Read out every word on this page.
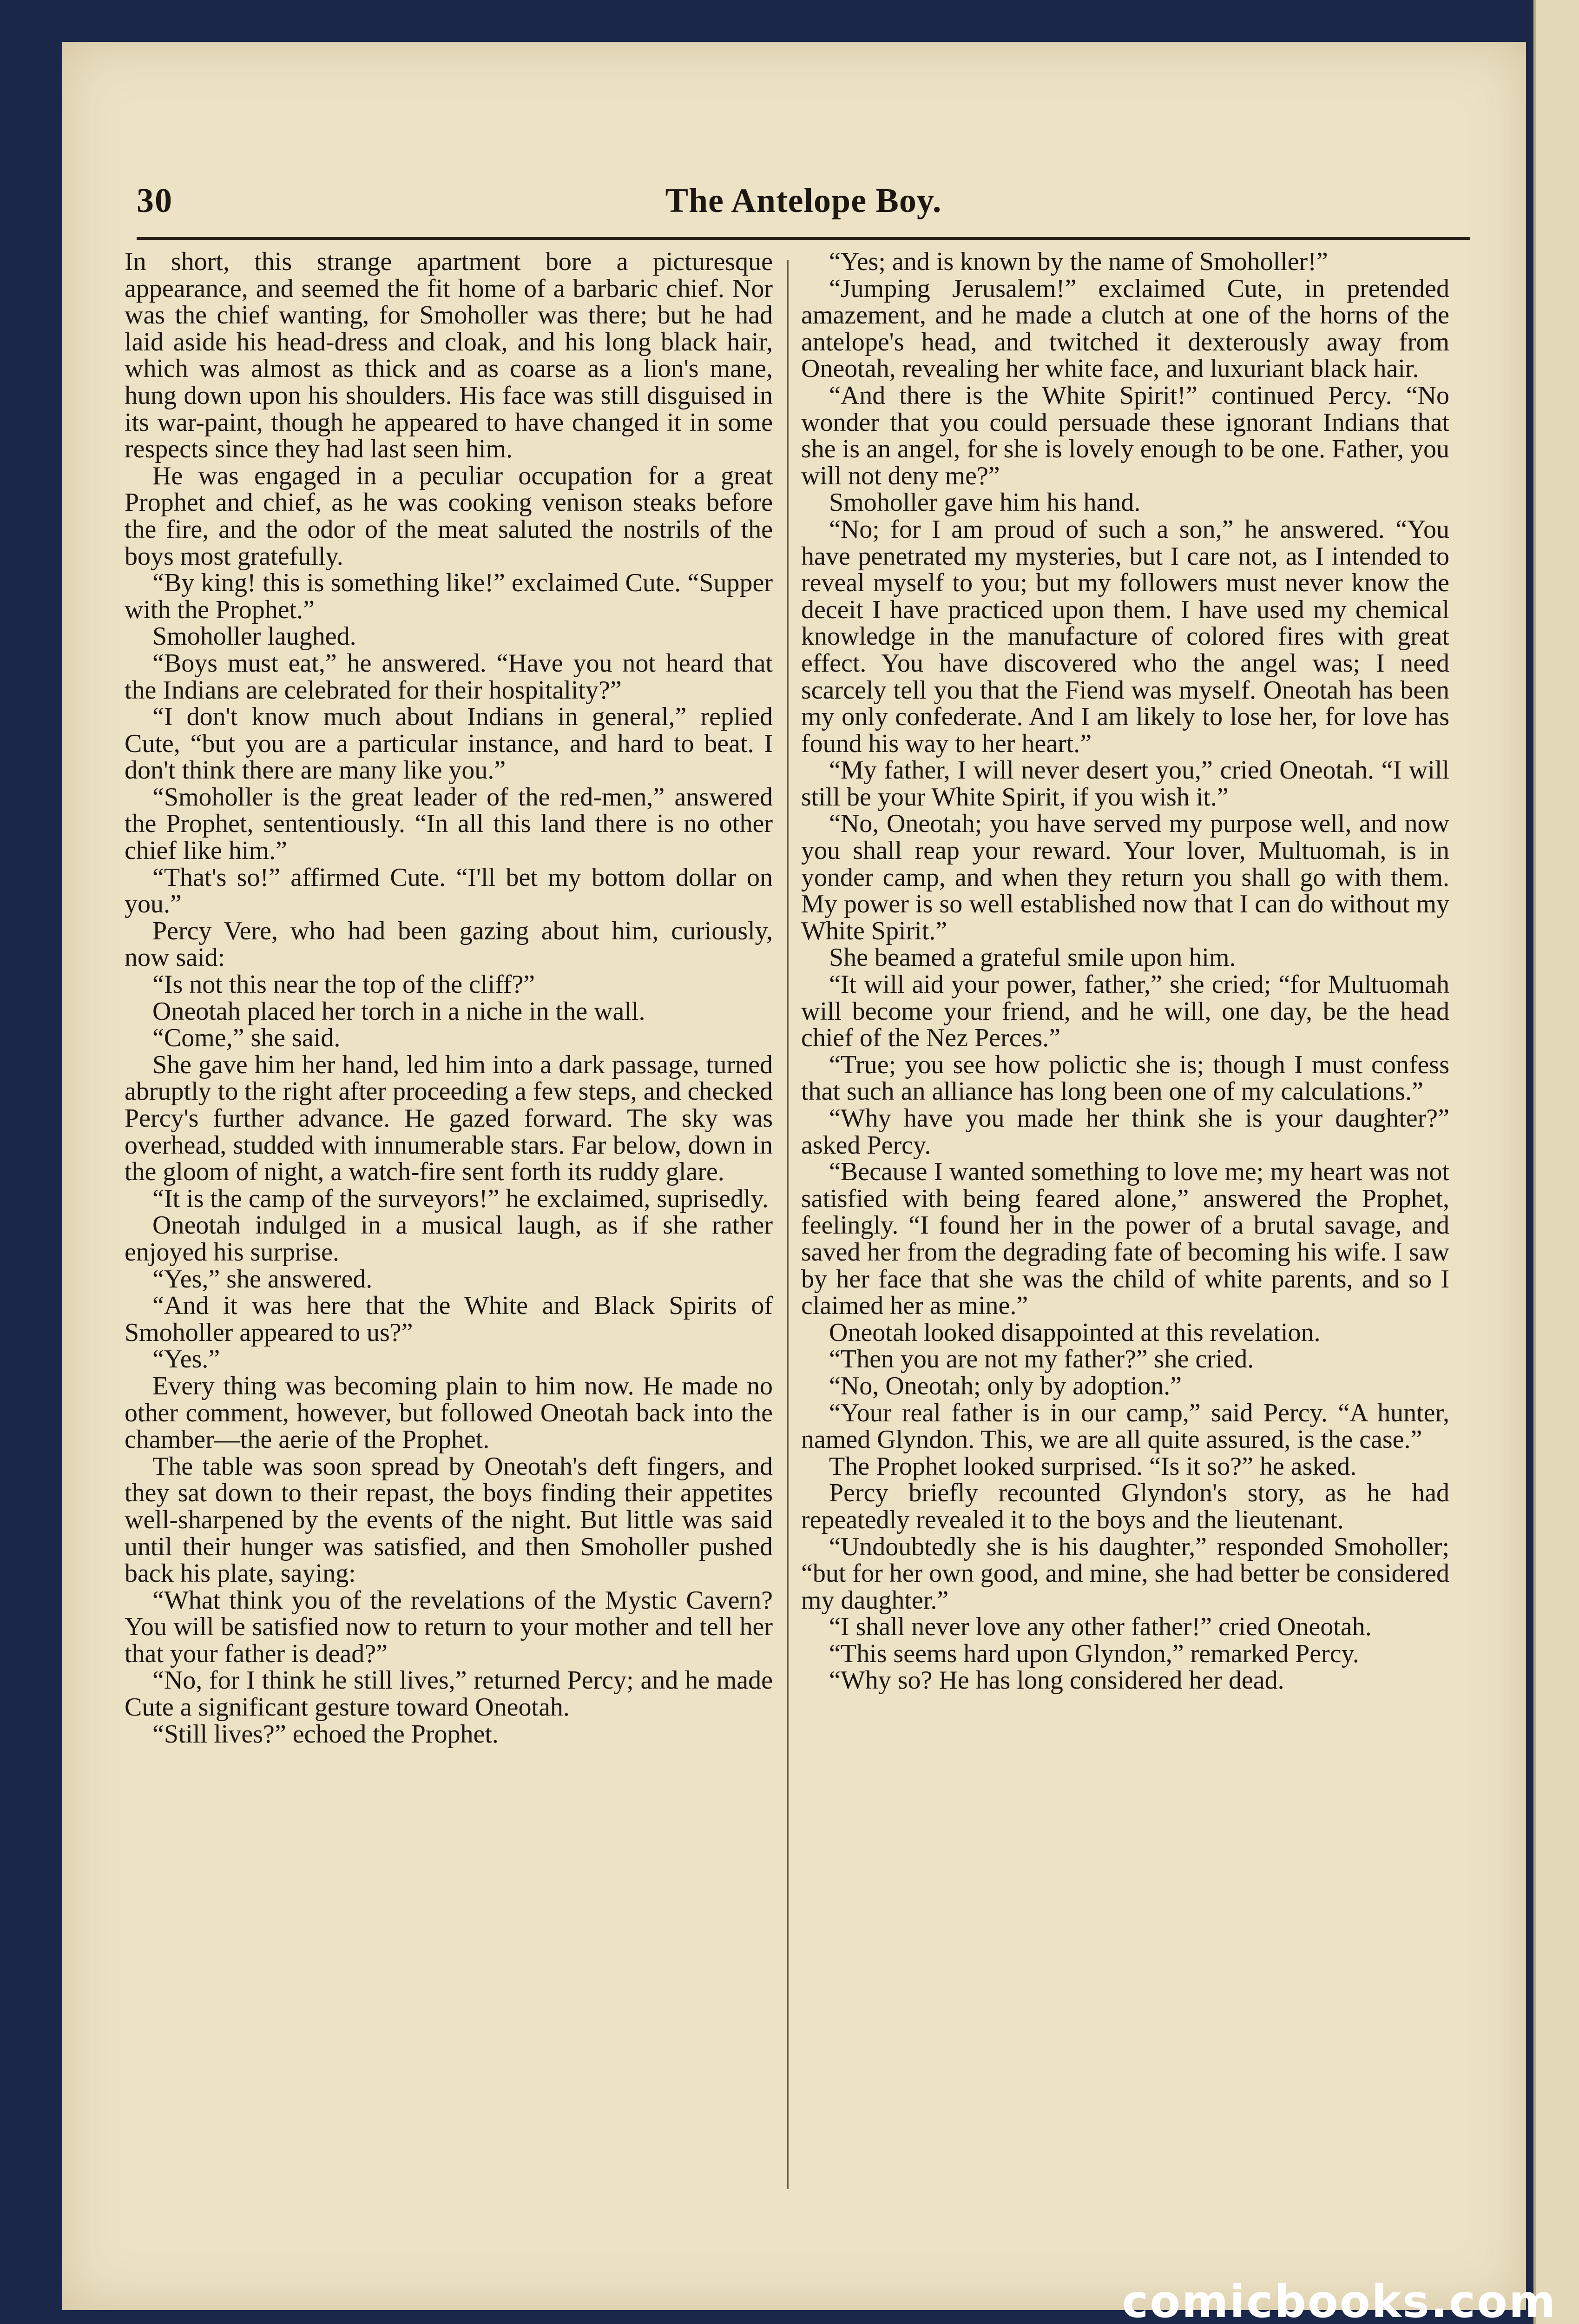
30	The Antelope Boy.

In short, this strange apartment bore a picturesque appearance, and seemed the fit home of a barbaric chief. Nor was the chief wanting, for Smoholler was there; but he had laid aside his head-dress and cloak, and his long black hair, which was almost as thick and as coarse as a lion's mane, hung down upon his shoulders. His face was still disguised in its war-paint, though he appeared to have changed it in some respects since they had last seen him.

He was engaged in a peculiar occupation for a great Prophet and chief, as he was cooking venison steaks before the fire, and the odor of the meat saluted the nostrils of the boys most gratefully.

“By king! this is something like!” exclaimed Cute. “Supper with the Prophet.”

Smoholler laughed.

“Boys must eat,” he answered. “Have you not heard that the Indians are celebrated for their hospitality?”

“I don't know much about Indians in general,” replied Cute, “but you are a particular instance, and hard to beat. I don't think there are many like you.”

“Smoholler is the great leader of the red-men,” answered the Prophet, sententiously. “In all this land there is no other chief like him.”

“That's so!” affirmed Cute. “I'll bet my bottom dollar on you.”

Percy Vere, who had been gazing about him, curiously, now said:

“Is not this near the top of the cliff?”

Oneotah placed her torch in a niche in the wall.

“Come,” she said.

She gave him her hand, led him into a dark passage, turned abruptly to the right after proceeding a few steps, and checked Percy's further advance. He gazed forward. The sky was overhead, studded with innumerable stars. Far below, down in the gloom of night, a watch-fire sent forth its ruddy glare.

“It is the camp of the surveyors!” he exclaimed, suprisedly.

Oneotah indulged in a musical laugh, as if she rather enjoyed his surprise.

“Yes,” she answered.

“And it was here that the White and Black Spirits of Smoholler appeared to us?”

“Yes.”

Every thing was becoming plain to him now. He made no other comment, however, but followed Oneotah back into the chamber—the aerie of the Prophet.

The table was soon spread by Oneotah's deft fingers, and they sat down to their repast, the boys finding their appetites well-sharpened by the events of the night. But little was said until their hunger was satisfied, and then Smoholler pushed back his plate, saying:

“What think you of the revelations of the Mystic Cavern? You will be satisfied now to return to your mother and tell her that your father is dead?”

“No, for I think he still lives,” returned Percy; and he made Cute a significant gesture toward Oneotah.

“Still lives?” echoed the Prophet.

“Yes; and is known by the name of Smoholler!”

“Jumping Jerusalem!” exclaimed Cute, in pretended amazement, and he made a clutch at one of the horns of the antelope's head, and twitched it dexterously away from Oneotah, revealing her white face, and luxuriant black hair.

“And there is the White Spirit!” continued Percy. “No wonder that you could persuade these ignorant Indians that she is an angel, for she is lovely enough to be one. Father, you will not deny me?”

Smoholler gave him his hand.

“No; for I am proud of such a son,” he answered. “You have penetrated my mysteries, but I care not, as I intended to reveal myself to you; but my followers must never know the deceit I have practiced upon them. I have used my chemical knowledge in the manufacture of colored fires with great effect. You have discovered who the angel was; I need scarcely tell you that the Fiend was myself. Oneotah has been my only confederate. And I am likely to lose her, for love has found his way to her heart.”

“My father, I will never desert you,” cried Oneotah. “I will still be your White Spirit, if you wish it.”

“No, Oneotah; you have served my purpose well, and now you shall reap your reward. Your lover, Multuomah, is in yonder camp, and when they return you shall go with them. My power is so well established now that I can do without my White Spirit.”

She beamed a grateful smile upon him.

“It will aid your power, father,” she cried; “for Multuomah will become your friend, and he will, one day, be the head chief of the Nez Perces.”

“True; you see how polictic she is; though I must confess that such an alliance has long been one of my calculations.”

“Why have you made her think she is your daughter?” asked Percy.

“Because I wanted something to love me; my heart was not satisfied with being feared alone,” answered the Prophet, feelingly. “I found her in the power of a brutal savage, and saved her from the degrading fate of becoming his wife. I saw by her face that she was the child of white parents, and so I claimed her as mine.”

Oneotah looked disappointed at this revelation.

“Then you are not my father?” she cried.

“No, Oneotah; only by adoption.”

“Your real father is in our camp,” said Percy. “A hunter, named Glyndon. This, we are all quite assured, is the case.”

The Prophet looked surprised. “Is it so?” he asked.

Percy briefly recounted Glyndon's story, as he had repeatedly revealed it to the boys and the lieutenant.

“Undoubtedly she is his daughter,” responded Smoholler; “but for her own good, and mine, she had better be considered my daughter.”

“I shall never love any other father!” cried Oneotah.

“This seems hard upon Glyndon,” remarked Percy.

“Why so? He has long considered her dead.

comicbooks.com
